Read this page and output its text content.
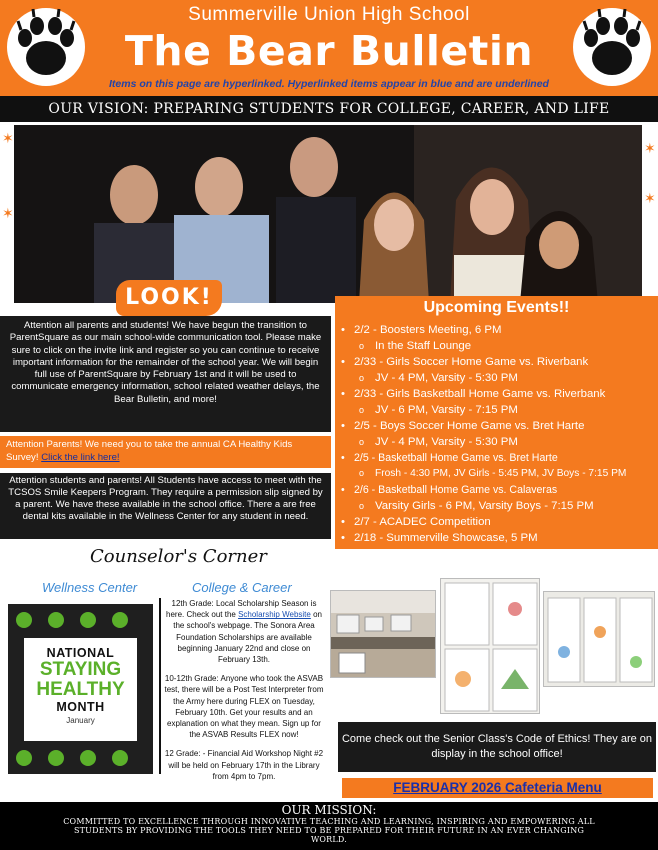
Summerville Union High School
The Bear Bulletin
Items on this page are hyperlinked. Hyperlinked items appear in blue and are underlined
OUR VISION: PREPARING STUDENTS FOR COLLEGE, CAREER, AND LIFE
✶
✶
✶
✶
LOOK!
Attention all parents and students! We have begun the transition to ParentSquare as our main school-wide communication tool. Please make sure to click on the invite link and register so you can continue to receive important information for the remainder of the school year. We will begin full use of ParentSquare by February 1st and it will be used to communicate emergency information, school related weather delays, the Bear Bulletin, and more!
Attention Parents! We need you to take the annual CA Healthy Kids Survey! Click the link here!
Attention students and parents! All Students have access to meet with the TCSOS Smile Keepers Program. They require a permission slip signed by a parent. We have these available in the school office. There a are free dental kits available in the Wellness Center for any student in need.
Upcoming Events!!
• 2/2 - Boosters Meeting, 6 PM
o In the Staff Lounge
• 2/33 - Girls Soccer Home Game vs. Riverbank
o JV - 4 PM, Varsity - 5:30 PM
• 2/33 - Girls Basketball Home Game vs. Riverbank
o JV - 6 PM, Varsity - 7:15 PM
• 2/5 - Boys Soccer Home Game vs. Bret Harte
o JV - 4 PM, Varsity - 5:30 PM
• 2/5 - Basketball Home Game vs. Bret Harte
o Frosh - 4:30 PM, JV Girls - 5:45 PM, JV Boys - 7:15 PM
• 2/6 - Basketball Home Game vs. Calaveras
o Varsity Girls - 6 PM, Varsity Boys - 7:15 PM
• 2/7 - ACADEC Competition
• 2/18 - Summerville Showcase, 5 PM
Counselor's Corner
Wellness Center	College & Career
NATIONAL
STAYING
HEALTHY
MONTH
January

12th Grade: Local Scholarship Season is here. Check out the Scholarship Website on the school's webpage. The Sonora Area Foundation Scholarships are available beginning January 22nd and close on February 13th.

10-12th Grade: Anyone who took the ASVAB test, there will be a Post Test Interpreter from the Army here during FLEX on Tuesday, February 10th. Get your results and an explanation on what they mean. Sign up for the ASVAB Results FLEX now!

12 Grade: - Financial Aid Workshop Night #2 will be held on February 17th in the Library from 4pm to 7pm.

Come check out the Senior Class's Code of Ethics! They are on display in the school office!
FEBRUARY 2026 Cafeteria Menu
OUR MISSION:
COMMITTED TO EXCELLENCE THROUGH INNOVATIVE TEACHING AND LEARNING, INSPIRING AND EMPOWERING ALL STUDENTS BY PROVIDING THE TOOLS THEY NEED TO BE PREPARED FOR THEIR FUTURE IN AN EVER CHANGING WORLD.
